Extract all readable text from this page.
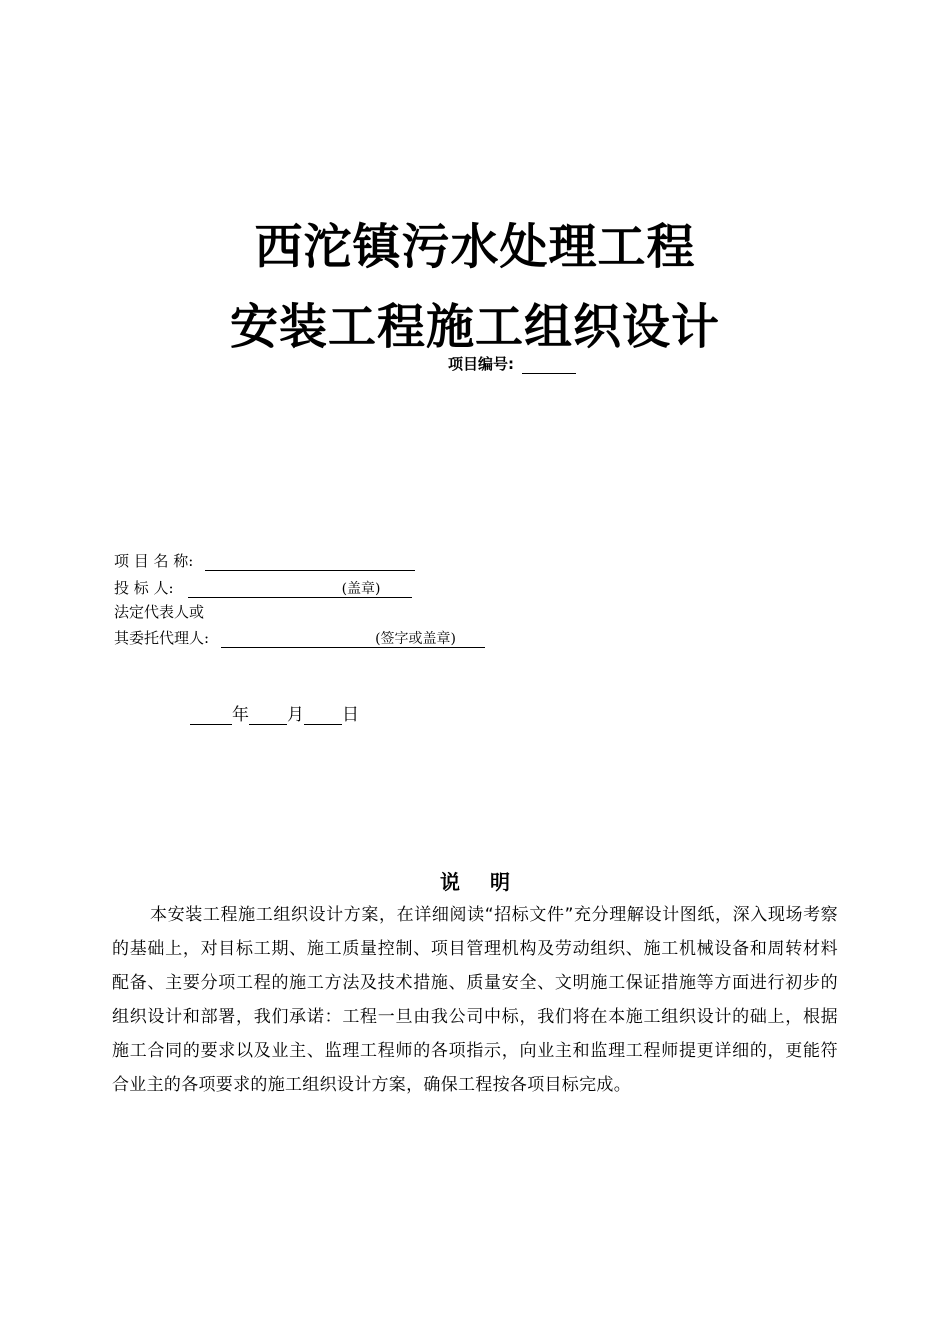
西沱镇污水处理工程
安装工程施工组织设计
项目编号:
项 目 名 称:
投 标 人:	(盖章)
法定代表人或
其委托代理人:	(签字或盖章)
年 月 日
说明
本安装工程施工组织设计方案，在详细阅读“招标文件”充分理解设计图纸，深入现场考察的基础上，对目标工期、施工质量控制、项目管理机构及劳动组织、施工机械设备和周转材料配备、主要分项工程的施工方法及技术措施、质量安全、文明施工保证措施等方面进行初步的组织设计和部署，我们承诺：工程一旦由我公司中标，我们将在本施工组织设计的础上，根据施工合同的要求以及业主、监理工程师的各项指示，向业主和监理工程师提更详细的，更能符合业主的各项要求的施工组织设计方案，确保工程按各项目标完成。
